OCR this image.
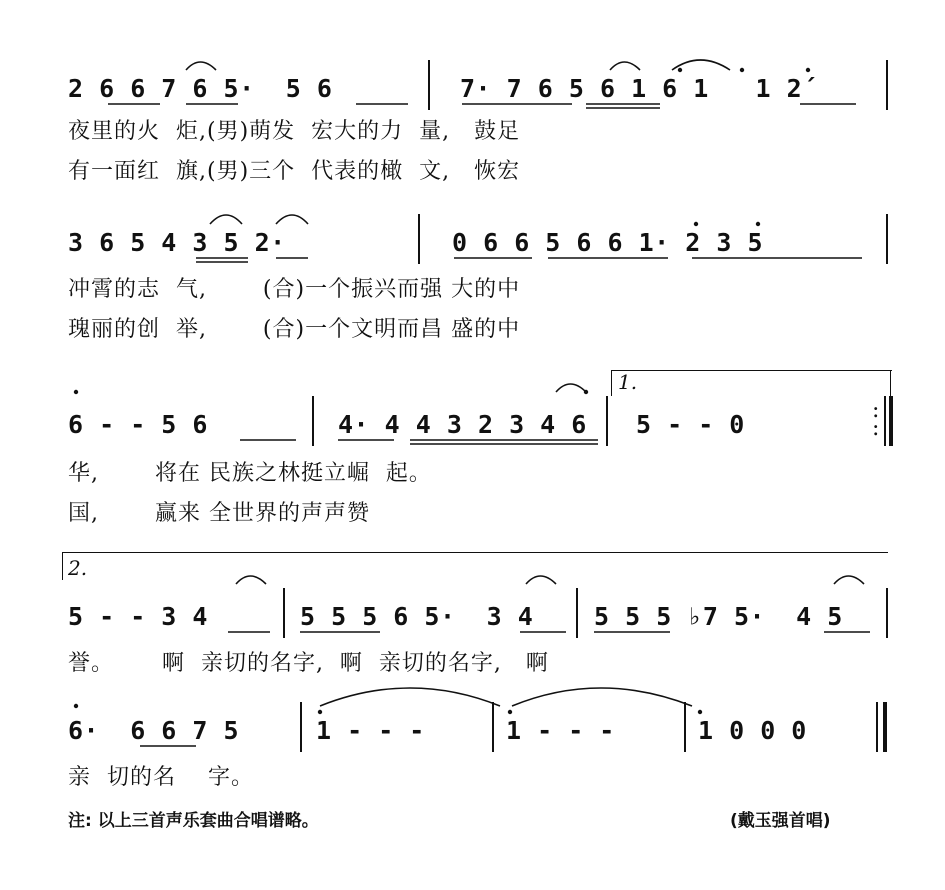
2 6 6 7 6 5·  5 6	7· 7 6 5 6 1 6 1   1 2´
夜里的火  炬,(男)萌发  宏大的力  量,   鼓足
有一面红  旗,(男)三个  代表的橄  文,   恢宏
3 6 5 4 3 5 2·	0 6 6 5 6 6 1· 2 3 5
冲霄的志  气,       (合)一个振兴而强 大的中
瑰丽的创  举,       (合)一个文明而昌 盛的中
6 - - 5 6	4· 4 4 3 2 3 4 6
1.
5 - - 0	:
:
华,       将在 民族之林挺立崛  起。
国,       赢来 全世界的声声赞
2.
5 - - 3 4	5 5 5 6 5·  3 4 5 5 5 ♭7 5·  4 5
誉。      啊  亲切的名字,  啊  亲切的名字,   啊
6·  6 6 7 5	1 - - -	1 - - -	1 0 0 0
亲  切的名    字。
注: 以上三首声乐套曲合唱谱略。	(戴玉强首唱)
